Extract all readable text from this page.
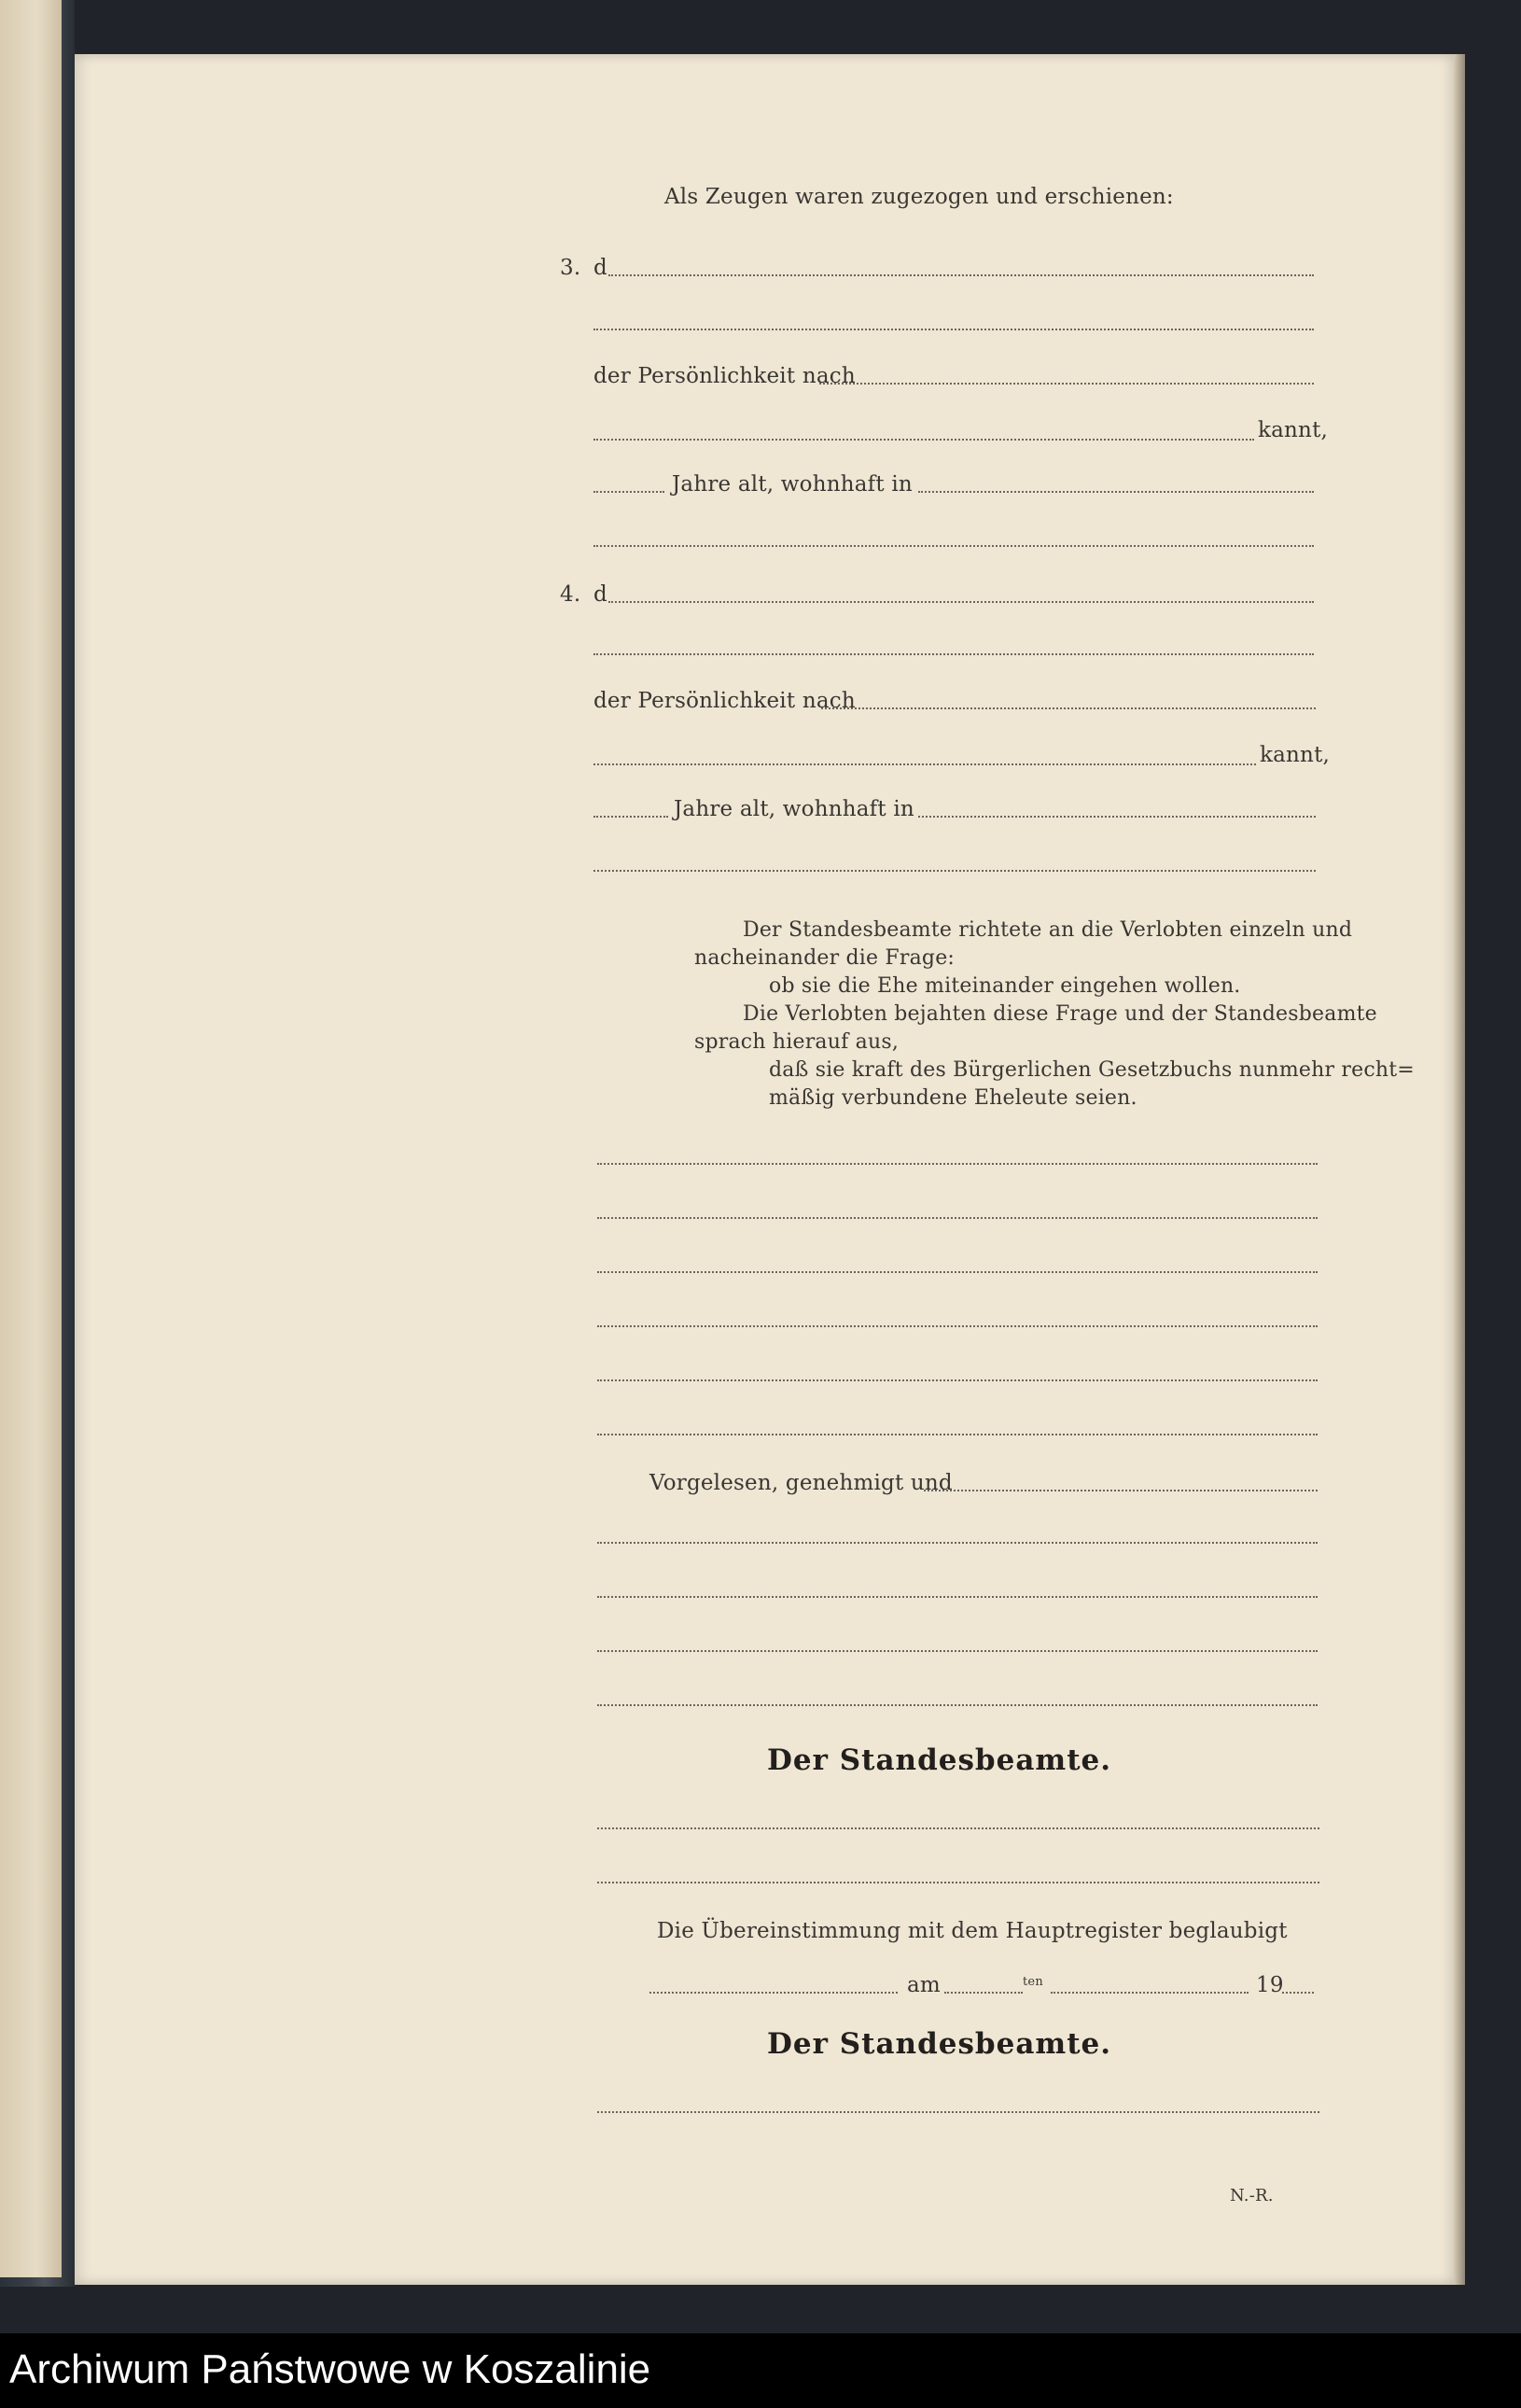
Als Zeugen waren zugezogen und erschienen:
3. d
der Persönlichkeit nach
kannt,
Jahre alt, wohnhaft in
4. d
der Persönlichkeit nach
kannt,
Jahre alt, wohnhaft in
Der Standesbeamte richtete an die Verlobten einzeln und
nacheinander die Frage:
ob sie die Ehe miteinander eingehen wollen.
Die Verlobten bejahten diese Frage und der Standesbeamte
sprach hierauf aus,
daß sie kraft des Bürgerlichen Gesetzbuchs nunmehr recht=
mäßig verbundene Eheleute seien.
Vorgelesen, genehmigt und
Der Standesbeamte.
Die Übereinstimmung mit dem Hauptregister beglaubigt
am	ten	19
Der Standesbeamte.
N.-R.
Archiwum Państwowe w Koszalinie
